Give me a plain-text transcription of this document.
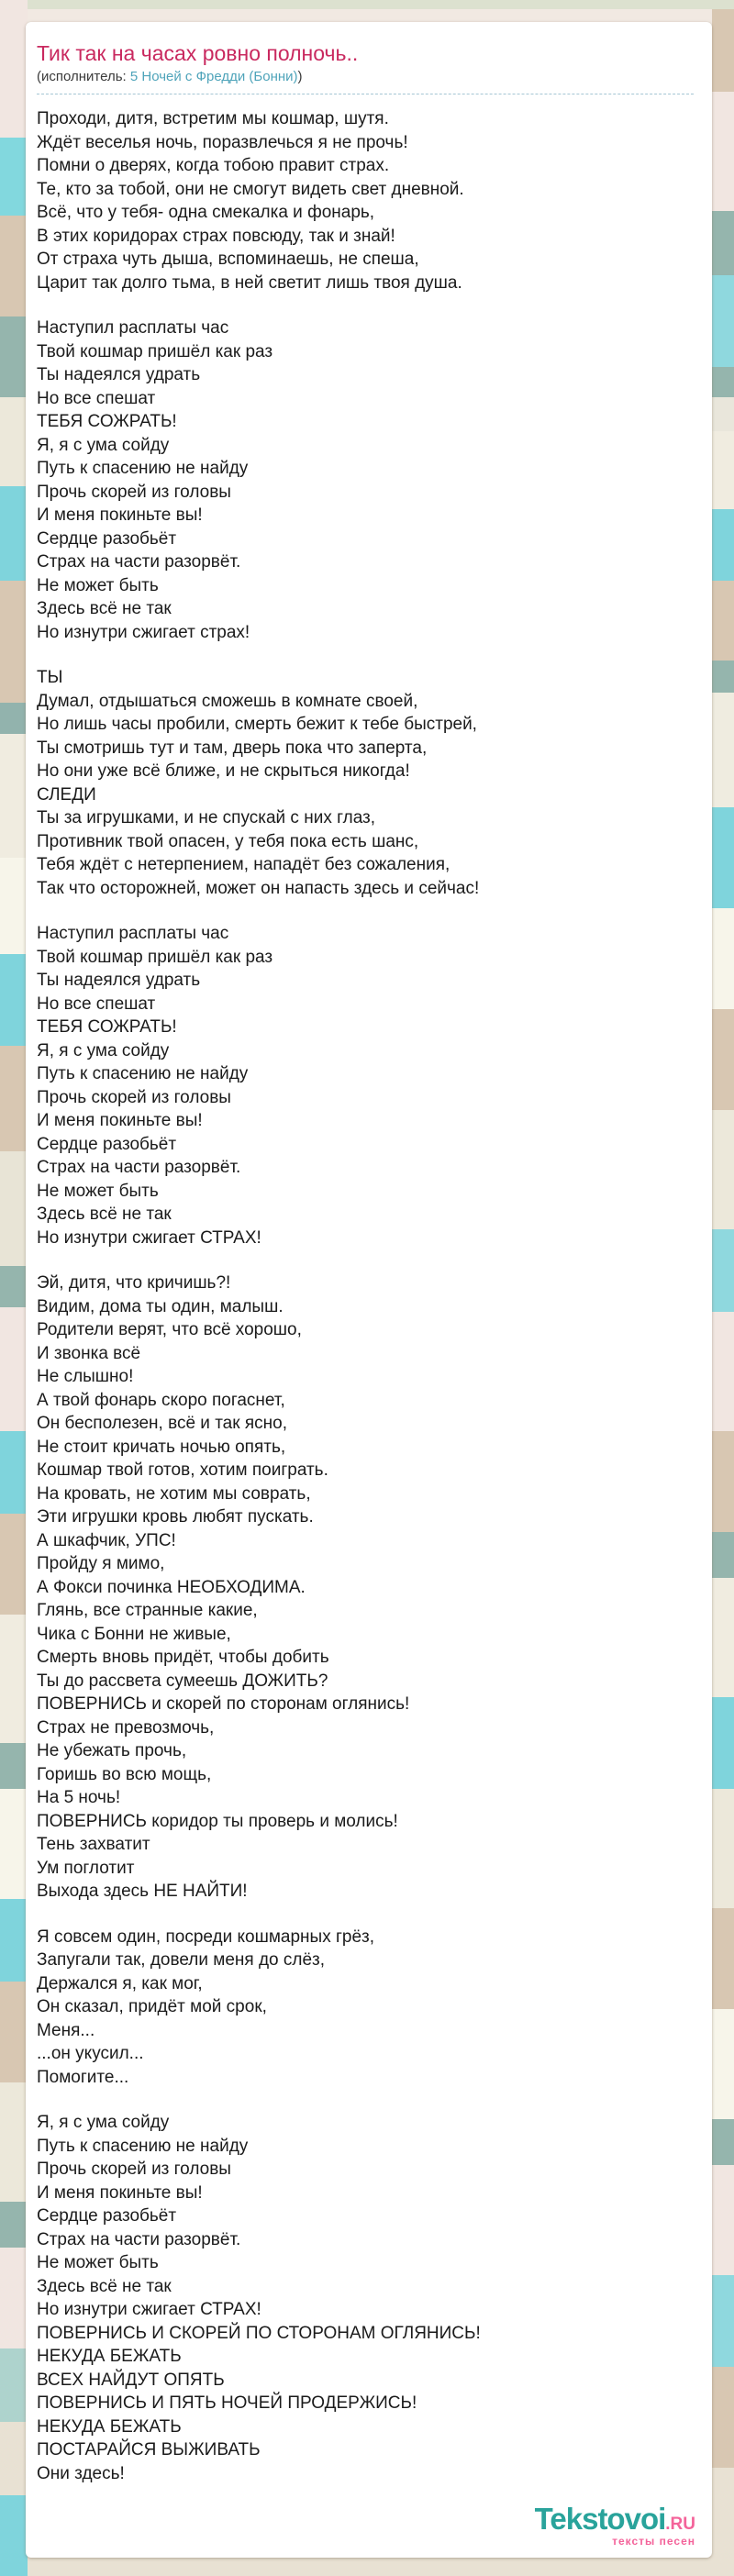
Тик так на часах ровно полночь..
(исполнитель: 5 Ночей с Фредди (Бонни))
Проходи, дитя, встретим мы кошмар, шутя.
Ждёт веселья ночь, поразвлечься я не прочь!
Помни о дверях, когда тобою правит страх.
Те, кто за тобой, они не смогут видеть свет дневной.
Всё, что у тебя- одна смекалка и фонарь,
В этих коридорах страх повсюду, так и знай!
От страха чуть дыша, вспоминаешь, не спеша,
Царит так долго тьма, в ней светит лишь твоя душа.
Наступил расплаты час
Твой кошмар пришёл как раз
Ты надеялся удрать
Но все спешат
ТЕБЯ СОЖРАТЬ!
Я, я с ума сойду
Путь к спасению не найду
Прочь скорей из головы
И меня покиньте вы!
Сердце разобьёт
Страх на части разорвёт.
Не может быть
Здесь всё не так
Но изнутри сжигает страх!
ТЫ
Думал, отдышаться сможешь в комнате своей,
Но лишь часы пробили, смерть бежит к тебе быстрей,
Ты смотришь тут и там, дверь пока что заперта,
Но они уже всё ближе, и не скрыться никогда!
СЛЕДИ
Ты за игрушками, и не спускай с них глаз,
Противник твой опасен, у тебя пока есть шанс,
Тебя ждёт с нетерпением, нападёт без сожаления,
Так что осторожней, может он напасть здесь и сейчас!
Наступил расплаты час
Твой кошмар пришёл как раз
Ты надеялся удрать
Но все спешат
ТЕБЯ СОЖРАТЬ!
Я, я с ума сойду
Путь к спасению не найду
Прочь скорей из головы
И меня покиньте вы!
Сердце разобьёт
Страх на части разорвёт.
Не может быть
Здесь всё не так
Но изнутри сжигает СТРАХ!
Эй, дитя, что кричишь?!
Видим, дома ты один, малыш.
Родители верят, что всё хорошо,
И звонка всё
Не слышно!
А твой фонарь скоро погаснет,
Он бесполезен, всё и так ясно,
Не стоит кричать ночью опять,
Кошмар твой готов, хотим поиграть.
На кровать, не хотим мы соврать,
Эти игрушки кровь любят пускать.
А шкафчик, УПС!
Пройду я мимо,
А Фокси починка НЕОБХОДИМА.
Глянь, все странные какие,
Чика с Бонни не живые,
Смерть вновь придёт, чтобы добить
Ты до рассвета сумеешь ДОЖИТЬ?
ПОВЕРНИСЬ и скорей по сторонам оглянись!
Страх не превозмочь,
Не убежать прочь,
Горишь во всю мощь,
На 5 ночь!
ПОВЕРНИСЬ коридор ты проверь и молись!
Тень захватит
Ум поглотит
Выхода здесь НЕ НАЙТИ!
Я совсем один, посреди кошмарных грёз,
Запугали так, довели меня до слёз,
Держался я, как мог,
Он сказал, придёт мой срок,
Меня...
...он укусил...
Помогите...
Я, я с ума сойду
Путь к спасению не найду
Прочь скорей из головы
И меня покиньте вы!
Сердце разобьёт
Страх на части разорвёт.
Не может быть
Здесь всё не так
Но изнутри сжигает СТРАХ!
ПОВЕРНИСЬ И СКОРЕЙ ПО СТОРОНАМ ОГЛЯНИСЬ!
НЕКУДА БЕЖАТЬ
ВСЕХ НАЙДУТ ОПЯТЬ
ПОВЕРНИСЬ И ПЯТЬ НОЧЕЙ ПРОДЕРЖИСЬ!
НЕКУДА БЕЖАТЬ
ПОСТАРАЙСЯ ВЫЖИВАТЬ
Они здесь!
Tekstovoi.RU
тексты песен
